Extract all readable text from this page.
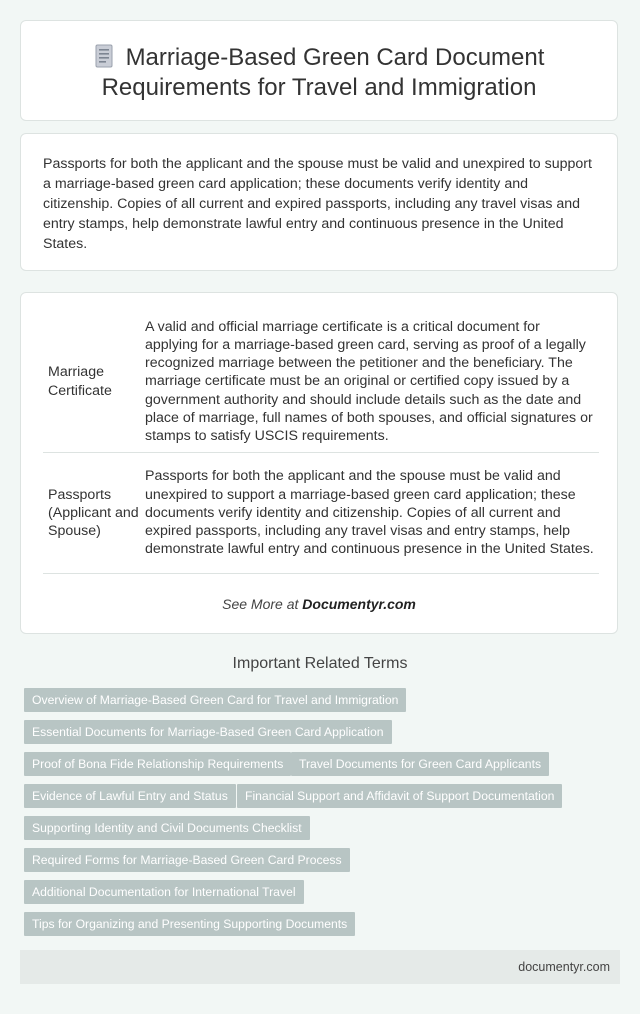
Marriage-Based Green Card Document Requirements for Travel and Immigration

Passports for both the applicant and the spouse must be valid and unexpired to support a marriage-based green card application; these documents verify identity and citizenship. Copies of all current and expired passports, including any travel visas and entry stamps, help demonstrate lawful entry and continuous presence in the United States.

Marriage Certificate	A valid and official marriage certificate is a critical document for applying for a marriage-based green card, serving as proof of a legally recognized marriage between the petitioner and the beneficiary. The marriage certificate must be an original or certified copy issued by a government authority and should include details such as the date and place of marriage, full names of both spouses, and official signatures or stamps to satisfy USCIS requirements.
Passports (Applicant and Spouse)	Passports for both the applicant and the spouse must be valid and unexpired to support a marriage-based green card application; these documents verify identity and citizenship. Copies of all current and expired passports, including any travel visas and entry stamps, help demonstrate lawful entry and continuous presence in the United States.
See More at Documentyr.com
Important Related Terms
Overview of Marriage-Based Green Card for Travel and Immigration
Essential Documents for Marriage-Based Green Card Application
Proof of Bona Fide Relationship Requirements	Travel Documents for Green Card Applicants
Evidence of Lawful Entry and Status	Financial Support and Affidavit of Support Documentation
Supporting Identity and Civil Documents Checklist
Required Forms for Marriage-Based Green Card Process
Additional Documentation for International Travel
Tips for Organizing and Presenting Supporting Documents
documentyr.com
